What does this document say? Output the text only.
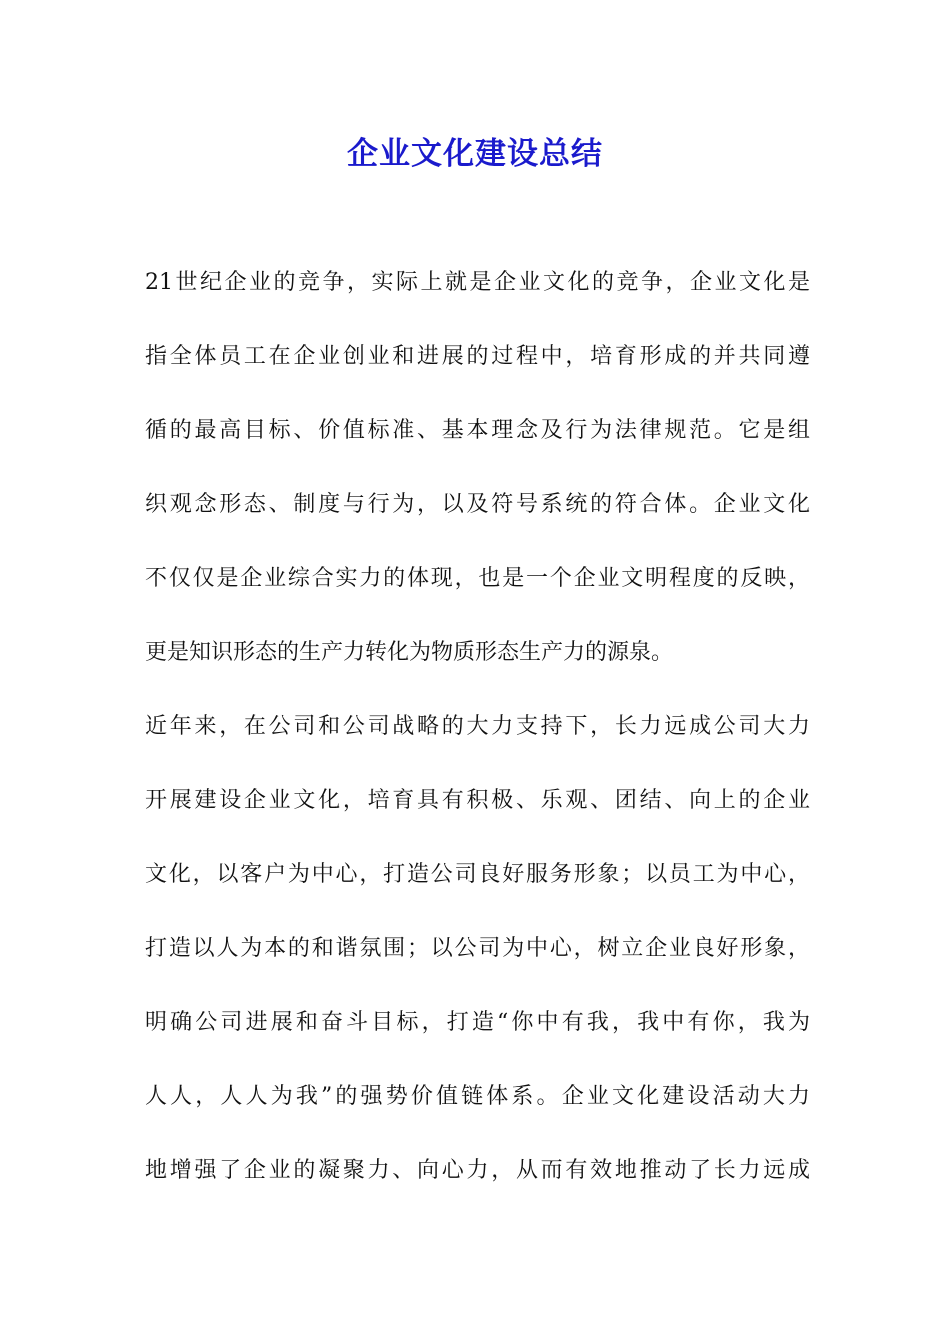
企业文化建设总结
21世纪企业的竞争，实际上就是企业文化的竞争，企业文化是
指全体员工在企业创业和进展的过程中，培育形成的并共同遵
循的最高目标、价值标准、基本理念及行为法律规范。它是组
织观念形态、制度与行为，以及符号系统的符合体。企业文化
不仅仅是企业综合实力的体现，也是一个企业文明程度的反映，
更是知识形态的生产力转化为物质形态生产力的源泉。
近年来，在公司和公司战略的大力支持下，长力远成公司大力
开展建设企业文化，培育具有积极、乐观、团结、向上的企业
文化，以客户为中心，打造公司良好服务形象；以员工为中心，
打造以人为本的和谐氛围；以公司为中心，树立企业良好形象，
明确公司进展和奋斗目标，打造“你中有我，我中有你，我为
人人，人人为我”的强势价值链体系。企业文化建设活动大力
地增强了企业的凝聚力、向心力，从而有效地推动了长力远成
